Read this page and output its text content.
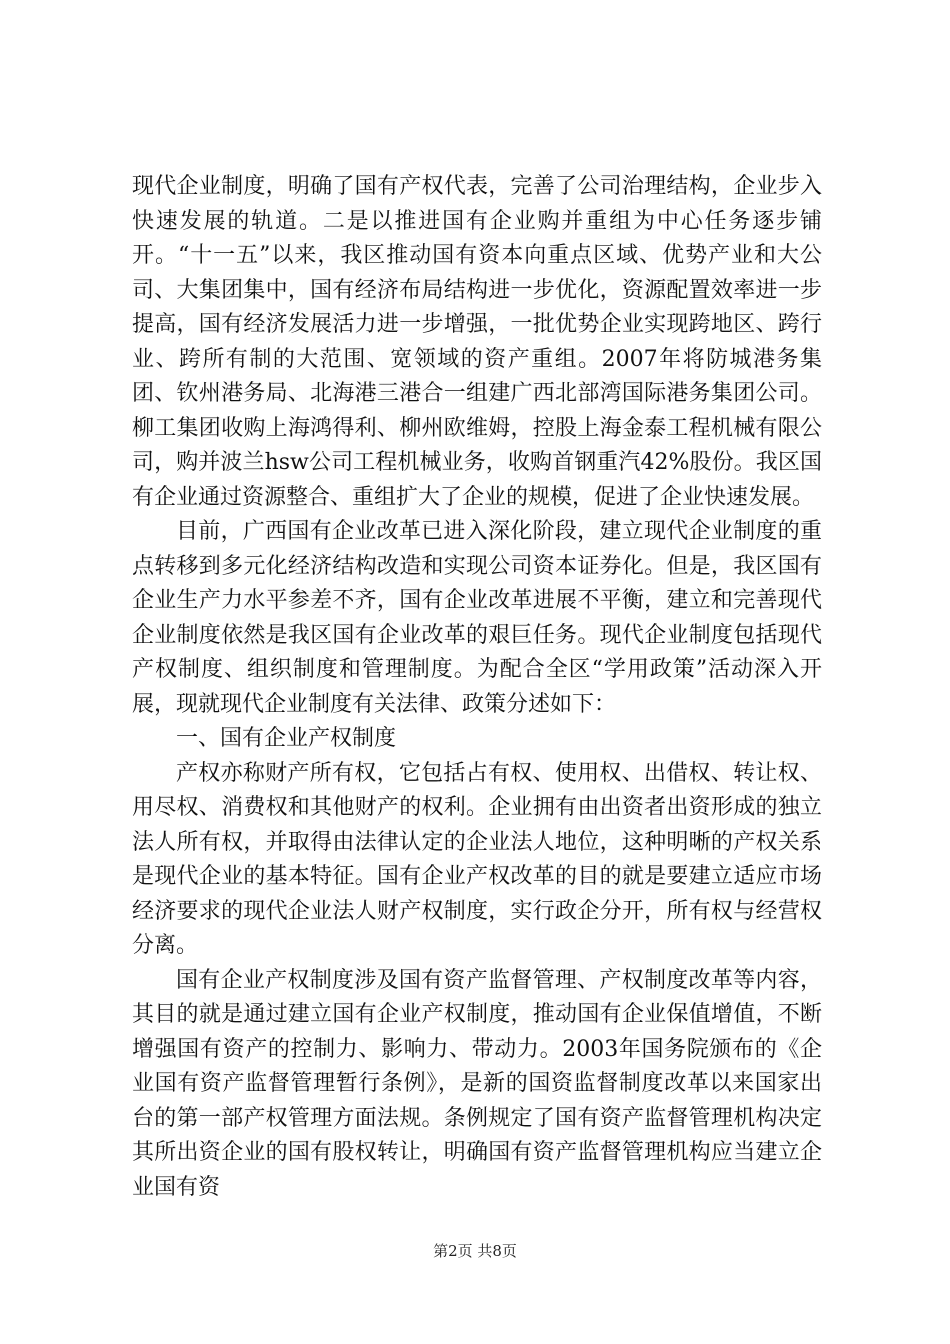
现代企业制度，明确了国有产权代表，完善了公司治理结构，企业步入快速发展的轨道。二是以推进国有企业购并重组为中心任务逐步铺开。“十一五”以来，我区推动国有资本向重点区域、优势产业和大公司、大集团集中，国有经济布局结构进一步优化，资源配置效率进一步提高，国有经济发展活力进一步增强，一批优势企业实现跨地区、跨行业、跨所有制的大范围、宽领域的资产重组。2007年将防城港务集团、钦州港务局、北海港三港合一组建广西北部湾国际港务集团公司。柳工集团收购上海鸿得利、柳州欧维姆，控股上海金泰工程机械有限公司，购并波兰hsw公司工程机械业务，收购首钢重汽42%股份。我区国有企业通过资源整合、重组扩大了企业的规模，促进了企业快速发展。

目前，广西国有企业改革已进入深化阶段，建立现代企业制度的重点转移到多元化经济结构改造和实现公司资本证券化。但是，我区国有企业生产力水平参差不齐，国有企业改革进展不平衡，建立和完善现代企业制度依然是我区国有企业改革的艰巨任务。现代企业制度包括现代产权制度、组织制度和管理制度。为配合全区“学用政策”活动深入开展，现就现代企业制度有关法律、政策分述如下：

一、国有企业产权制度

产权亦称财产所有权，它包括占有权、使用权、出借权、转让权、用尽权、消费权和其他财产的权利。企业拥有由出资者出资形成的独立法人所有权，并取得由法律认定的企业法人地位，这种明晰的产权关系是现代企业的基本特征。国有企业产权改革的目的就是要建立适应市场经济要求的现代企业法人财产权制度，实行政企分开，所有权与经营权分离。

国有企业产权制度涉及国有资产监督管理、产权制度改革等内容，其目的就是通过建立国有企业产权制度，推动国有企业保值增值，不断增强国有资产的控制力、影响力、带动力。2003年国务院颁布的《企业国有资产监督管理暂行条例》，是新的国资监督制度改革以来国家出台的第一部产权管理方面法规。条例规定了国有资产监督管理机构决定其所出资企业的国有股权转让，明确国有资产监督管理机构应当建立企业国有资

第2页 共8页
